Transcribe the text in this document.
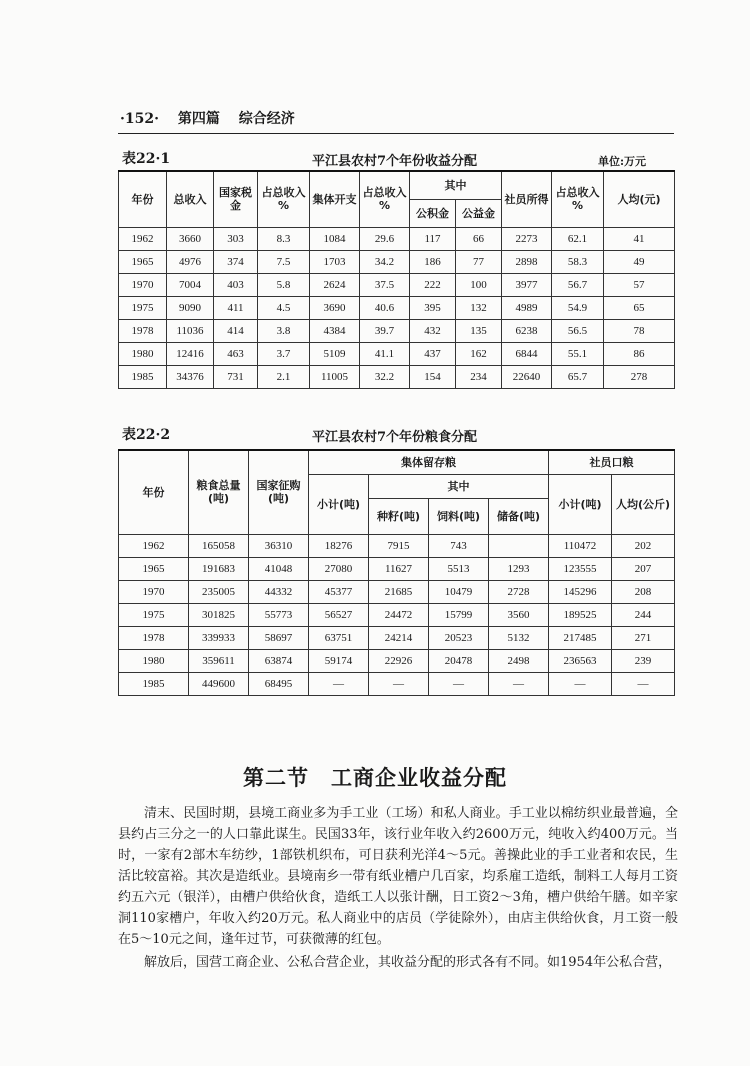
·152· 第四篇 综合经济
表22·1	平江县农村7个年份收益分配	单位:万元
年份	总收入	国家税金	占总收入 %	集体开支	占总收入 %	其中		社员所得	占总收入 %	人均(元)
						公积金	公益金			
1962	3660	303	8.3	1084	29.6	117	66	2273	62.1	41
1965	4976	374	7.5	1703	34.2	186	77	2898	58.3	49
1970	7004	403	5.8	2624	37.5	222	100	3977	56.7	57
1975	9090	411	4.5	3690	40.6	395	132	4989	54.9	65
1978	11036	414	3.8	4384	39.7	432	135	6238	56.5	78
1980	12416	463	3.7	5109	41.1	437	162	6844	55.1	86
1985	34376	731	2.1	11005	32.2	154	234	22640	65.7	278
表22·2	平江县农村7个年份粮食分配
年份	粮食总量(吨)	国家征购(吨)	集体留存粮				社员口粮	
			小计(吨)	其中			小计(吨)	人均(公斤)
				种籽(吨)	饲料(吨)	储备(吨)		
1962	165058	36310	18276	7915	743		110472	202
1965	191683	41048	27080	11627	5513	1293	123555	207
1970	235005	44332	45377	21685	10479	2728	145296	208
1975	301825	55773	56527	24472	15799	3560	189525	244
1978	339933	58697	63751	24214	20523	5132	217485	271
1980	359611	63874	59174	22926	20478	2498	236563	239
1985	449600	68495	—	—	—	—	—	—
第二节　工商企业收益分配
清末、民国时期，县境工商业多为手工业（工场）和私人商业。手工业以棉纺织业最普遍，全县约占三分之一的人口靠此谋生。民国33年，该行业年收入约2600万元，纯收入约400万元。当时，一家有2部木车纺纱，1部铁机织布，可日获利光洋4～5元。善操此业的手工业者和农民，生活比较富裕。其次是造纸业。县境南乡一带有纸业槽户几百家，均系雇工造纸，制料工人每月工资约五六元（银洋），由槽户供给伙食，造纸工人以张计酬，日工资2～3角，槽户供给午膳。如辛家洞110家槽户，年收入约20万元。私人商业中的店员（学徒除外），由店主供给伙食，月工资一般在5～10元之间，逢年过节，可获微薄的红包。
解放后，国营工商企业、公私合营企业，其收益分配的形式各有不同。如1954年公私合营，
